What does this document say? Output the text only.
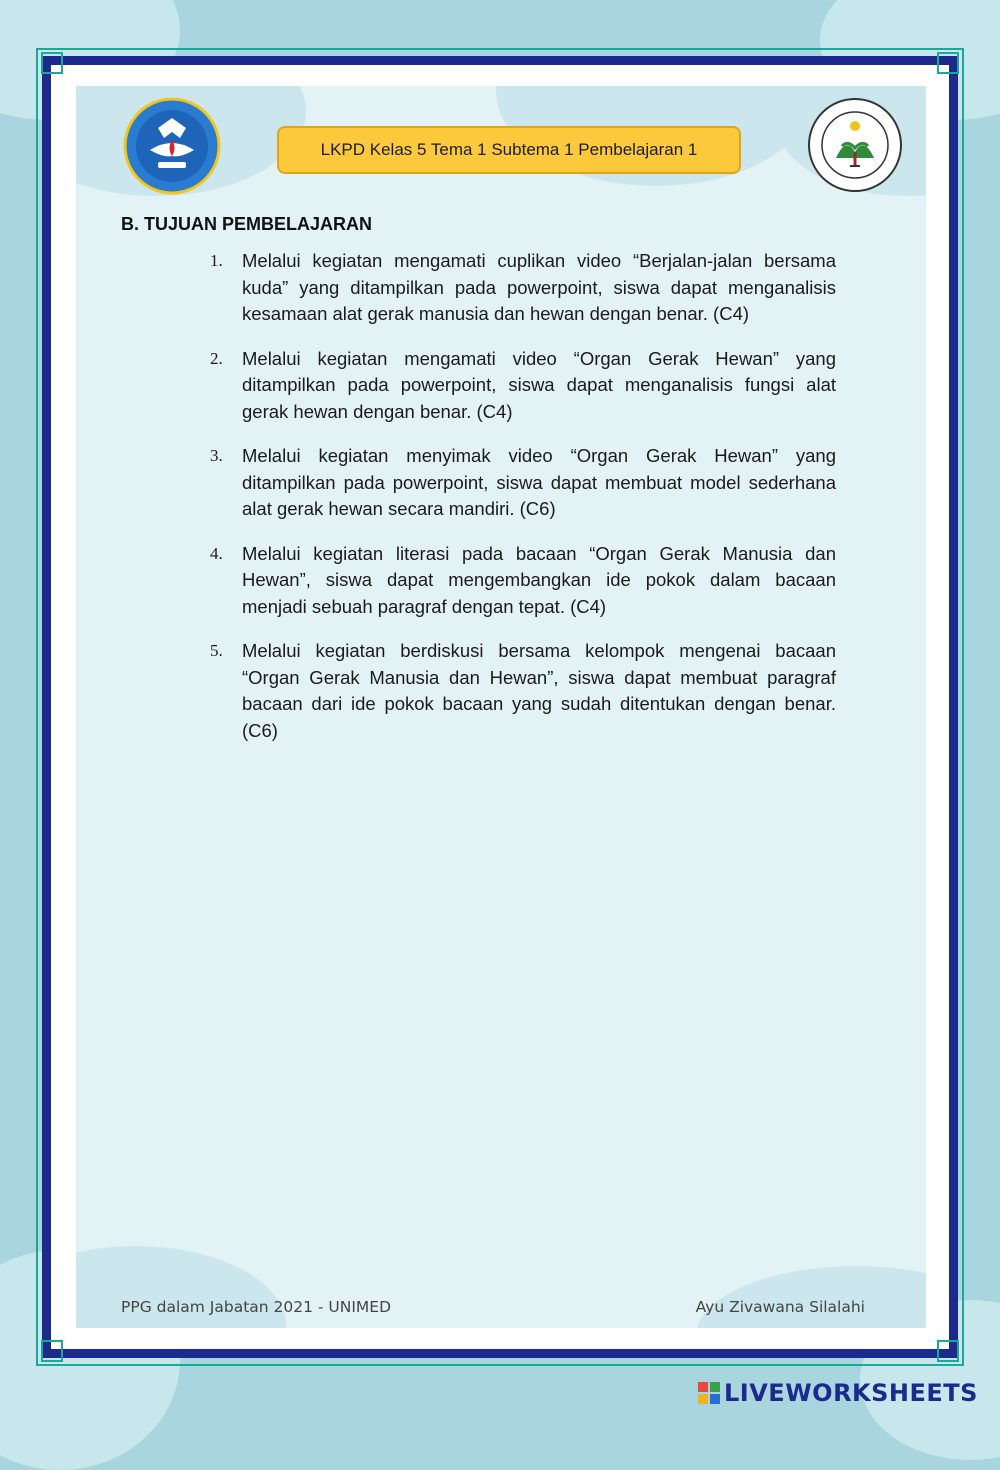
LKPD Kelas 5 Tema 1 Subtema 1 Pembelajaran 1
B. TUJUAN PEMBELAJARAN
1.	Melalui kegiatan mengamati cuplikan video “Berjalan-jalan bersama kuda” yang ditampilkan pada powerpoint, siswa dapat menganalisis kesamaan alat gerak manusia dan hewan dengan benar. (C4)
2.	Melalui kegiatan mengamati video “Organ Gerak Hewan” yang ditampilkan pada powerpoint, siswa dapat menganalisis fungsi alat gerak hewan dengan benar. (C4)
3.	Melalui kegiatan menyimak video “Organ Gerak Hewan” yang ditampilkan pada powerpoint, siswa dapat membuat model sederhana alat gerak hewan secara mandiri. (C6)
4.	Melalui kegiatan literasi pada bacaan “Organ Gerak Manusia dan Hewan”, siswa dapat mengembangkan ide pokok dalam bacaan menjadi sebuah paragraf dengan tepat. (C4)
5.	Melalui kegiatan berdiskusi bersama kelompok mengenai bacaan “Organ Gerak Manusia dan Hewan”, siswa dapat membuat paragraf bacaan dari ide pokok bacaan yang sudah ditentukan dengan benar. (C6)
PPG dalam Jabatan 2021 - UNIMED	Ayu Zivawana Silalahi
LIVEWORKSHEETS
